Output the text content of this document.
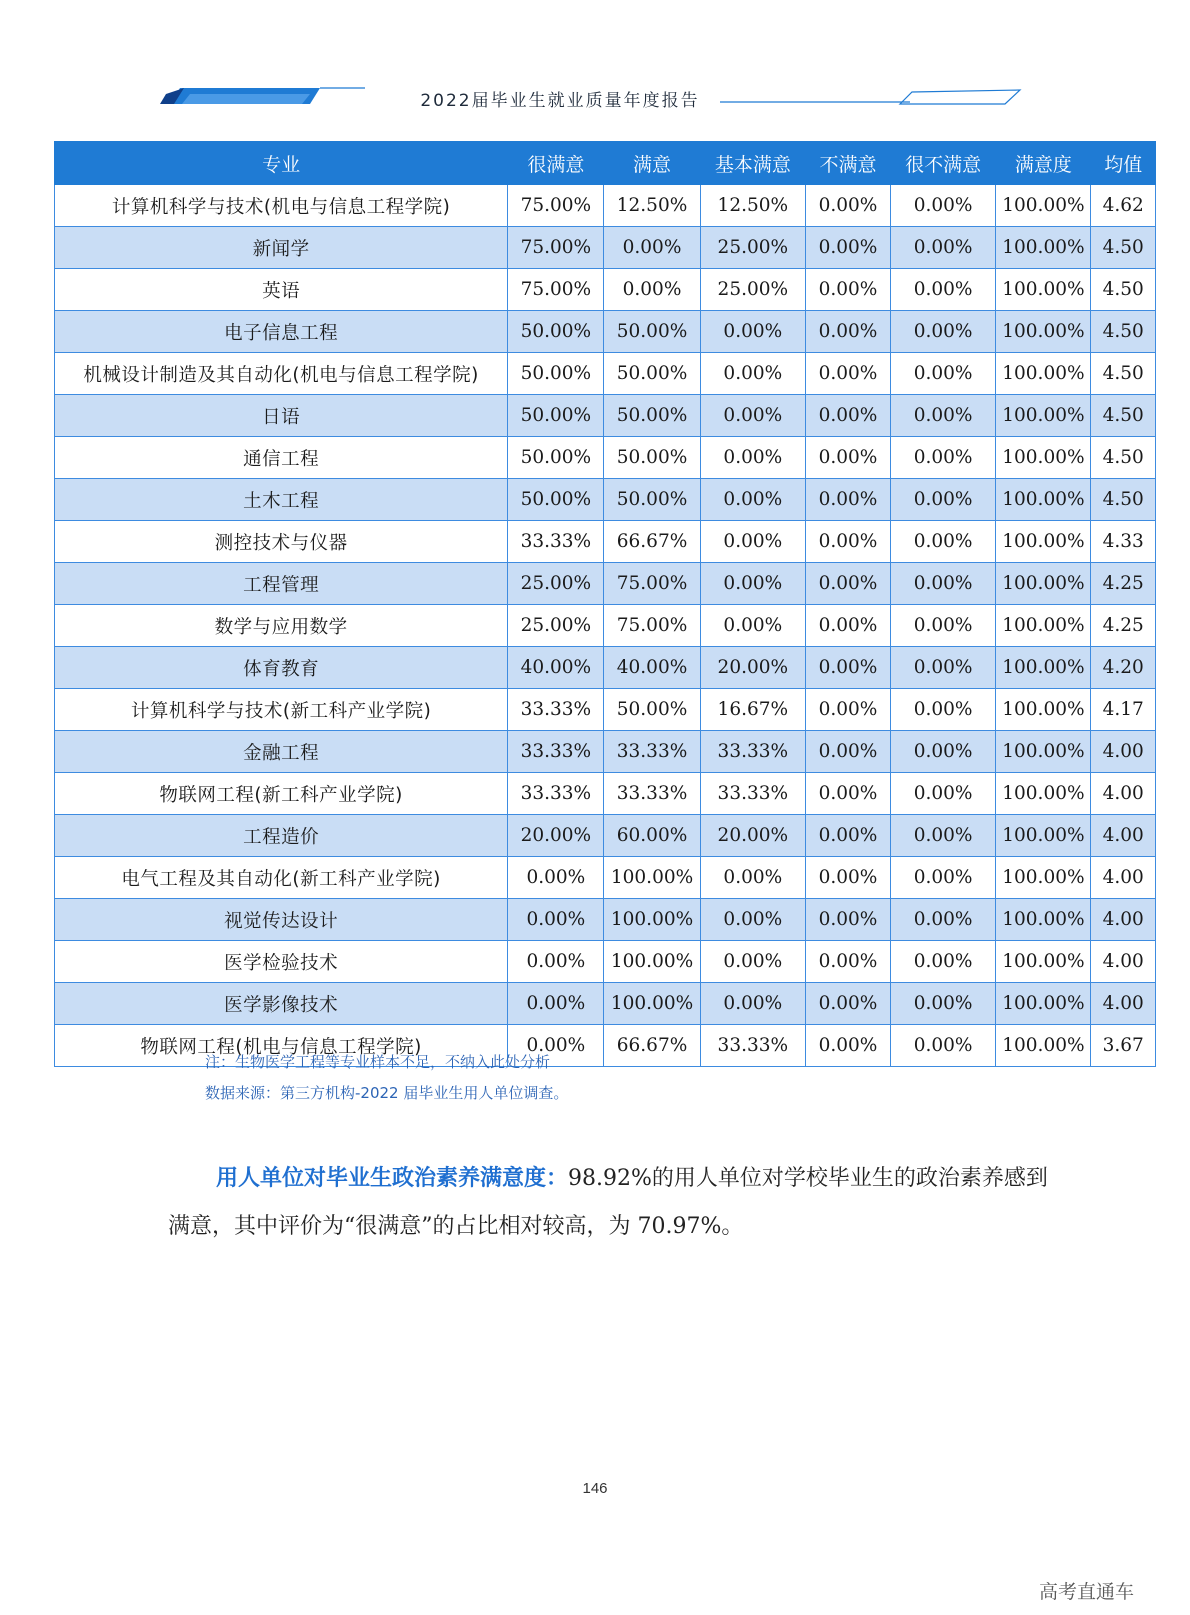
2022届毕业生就业质量年度报告
专业	很满意	满意	基本满意	不满意	很不满意	满意度	均值
计算机科学与技术(机电与信息工程学院)	75.00%	12.50%	12.50%	0.00%	0.00%	100.00%	4.62
新闻学	75.00%	0.00%	25.00%	0.00%	0.00%	100.00%	4.50
英语	75.00%	0.00%	25.00%	0.00%	0.00%	100.00%	4.50
电子信息工程	50.00%	50.00%	0.00%	0.00%	0.00%	100.00%	4.50
机械设计制造及其自动化(机电与信息工程学院)	50.00%	50.00%	0.00%	0.00%	0.00%	100.00%	4.50
日语	50.00%	50.00%	0.00%	0.00%	0.00%	100.00%	4.50
通信工程	50.00%	50.00%	0.00%	0.00%	0.00%	100.00%	4.50
土木工程	50.00%	50.00%	0.00%	0.00%	0.00%	100.00%	4.50
测控技术与仪器	33.33%	66.67%	0.00%	0.00%	0.00%	100.00%	4.33
工程管理	25.00%	75.00%	0.00%	0.00%	0.00%	100.00%	4.25
数学与应用数学	25.00%	75.00%	0.00%	0.00%	0.00%	100.00%	4.25
体育教育	40.00%	40.00%	20.00%	0.00%	0.00%	100.00%	4.20
计算机科学与技术(新工科产业学院)	33.33%	50.00%	16.67%	0.00%	0.00%	100.00%	4.17
金融工程	33.33%	33.33%	33.33%	0.00%	0.00%	100.00%	4.00
物联网工程(新工科产业学院)	33.33%	33.33%	33.33%	0.00%	0.00%	100.00%	4.00
工程造价	20.00%	60.00%	20.00%	0.00%	0.00%	100.00%	4.00
电气工程及其自动化(新工科产业学院)	0.00%	100.00%	0.00%	0.00%	0.00%	100.00%	4.00
视觉传达设计	0.00%	100.00%	0.00%	0.00%	0.00%	100.00%	4.00
医学检验技术	0.00%	100.00%	0.00%	0.00%	0.00%	100.00%	4.00
医学影像技术	0.00%	100.00%	0.00%	0.00%	0.00%	100.00%	4.00
物联网工程(机电与信息工程学院)	0.00%	66.67%	33.33%	0.00%	0.00%	100.00%	3.67
注：生物医学工程等专业样本不足，不纳入此处分析
数据来源：第三方机构-2022 届毕业生用人单位调查。
用人单位对毕业生政治素养满意度：98.92%的用人单位对学校毕业生的政治素养感到满意，其中评价为“很满意”的占比相对较高，为 70.97%。
146
高考直通车
